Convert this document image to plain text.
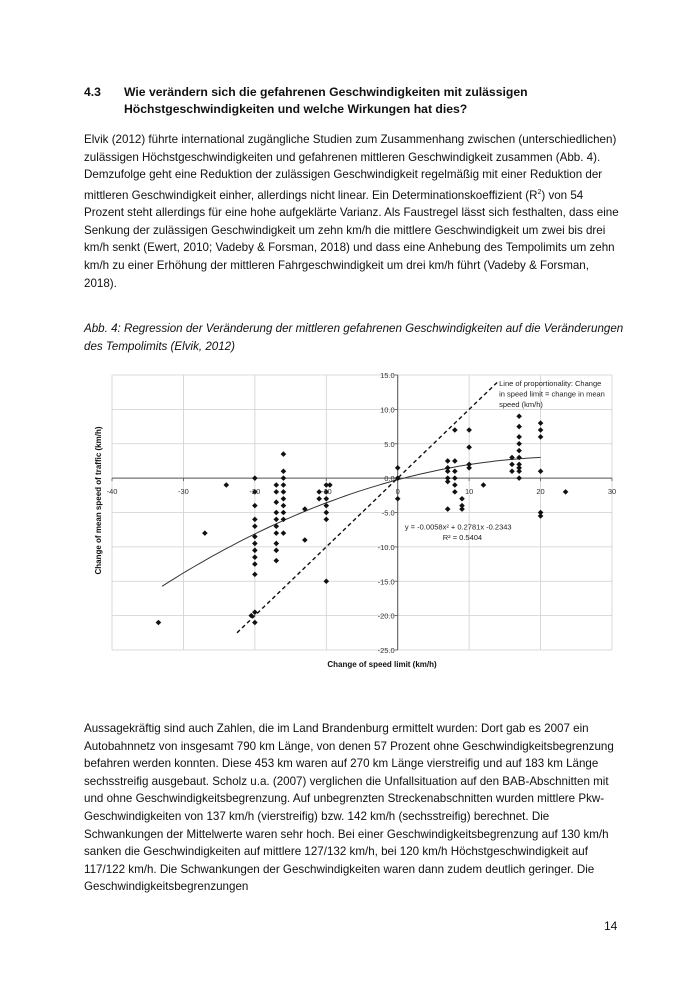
4.3 Wie verändern sich die gefahrenen Geschwindigkeiten mit zulässigen
Höchstgeschwindigkeiten und welche Wirkungen hat dies?

Elvik (2012) führte international zugängliche Studien zum Zusammenhang zwischen (unterschiedlichen) zulässigen Höchstgeschwindigkeiten und gefahrenen mittleren Geschwindigkeit zusammen (Abb. 4). Demzufolge geht eine Reduktion der zulässigen Geschwindigkeit regelmäßig mit einer Reduktion der mittleren Geschwindigkeit einher, allerdings nicht linear. Ein Determinationskoeffizient $(R^2)$ von 54 Prozent steht allerdings für eine hohe aufgeklärte Varianz. Als Faustregel lässt sich festhalten, dass eine Senkung der zulässigen Geschwindigkeit um zehn km/h die mittlere Geschwindigkeit um zwei bis drei km/h senkt (Ewert, 2010; Vadeby & Forsman, 2018) und dass eine Anhebung des Tempolimits um zehn km/h zu einer Erhöhung der mittleren Fahrgeschwindigkeit um drei km/h führt (Vadeby & Forsman, 2018).

Abb. 4: Regression der Veränderung der mittleren gefahrenen Geschwindigkeiten auf die Veränderungen des Tempolimits (Elvik, 2012)
15.0
10.0
5.0
0.0
-5.0
-10.0
-15.0
-20.0
-25.0
-40	-30	-20	-10	0	10	20	30
Line of proportionality: Change
in speed limit = change in mean
speed (km/h)
y = -0.0058x² + 0.2781x -0.2343
R² = 0.5404
Change of speed limit (km/h)
Change of mean speed of traffic (km/h)

Aussagekräftig sind auch Zahlen, die im Land Brandenburg ermittelt wurden: Dort gab es 2007 ein Autobahnnetz von insgesamt 790 km Länge, von denen 57 Prozent ohne Geschwindigkeitsbegrenzung befahren werden konnten. Diese 453 km waren auf 270 km Länge vierstreifig und auf 183 km Länge sechsstreifig ausgebaut. Scholz u.a. (2007) verglichen die Unfallsituation auf den BAB-Abschnitten mit und ohne Geschwindigkeitsbegrenzung. Auf unbegrenzten Streckenabschnitten wurden mittlere Pkw-Geschwindigkeiten von 137 km/h (vierstreifig) bzw. 142 km/h (sechsstreifig) berechnet. Die Schwankungen der Mittelwerte waren sehr hoch. Bei einer Geschwindigkeitsbegrenzung auf 130 km/h sanken die Geschwindigkeiten auf mittlere 127/132 km/h, bei 120 km/h Höchstgeschwindigkeit auf 117/122 km/h. Die Schwankungen der Geschwindigkeiten waren dann zudem deutlich geringer. Die Geschwindigkeitsbegrenzungen

14
